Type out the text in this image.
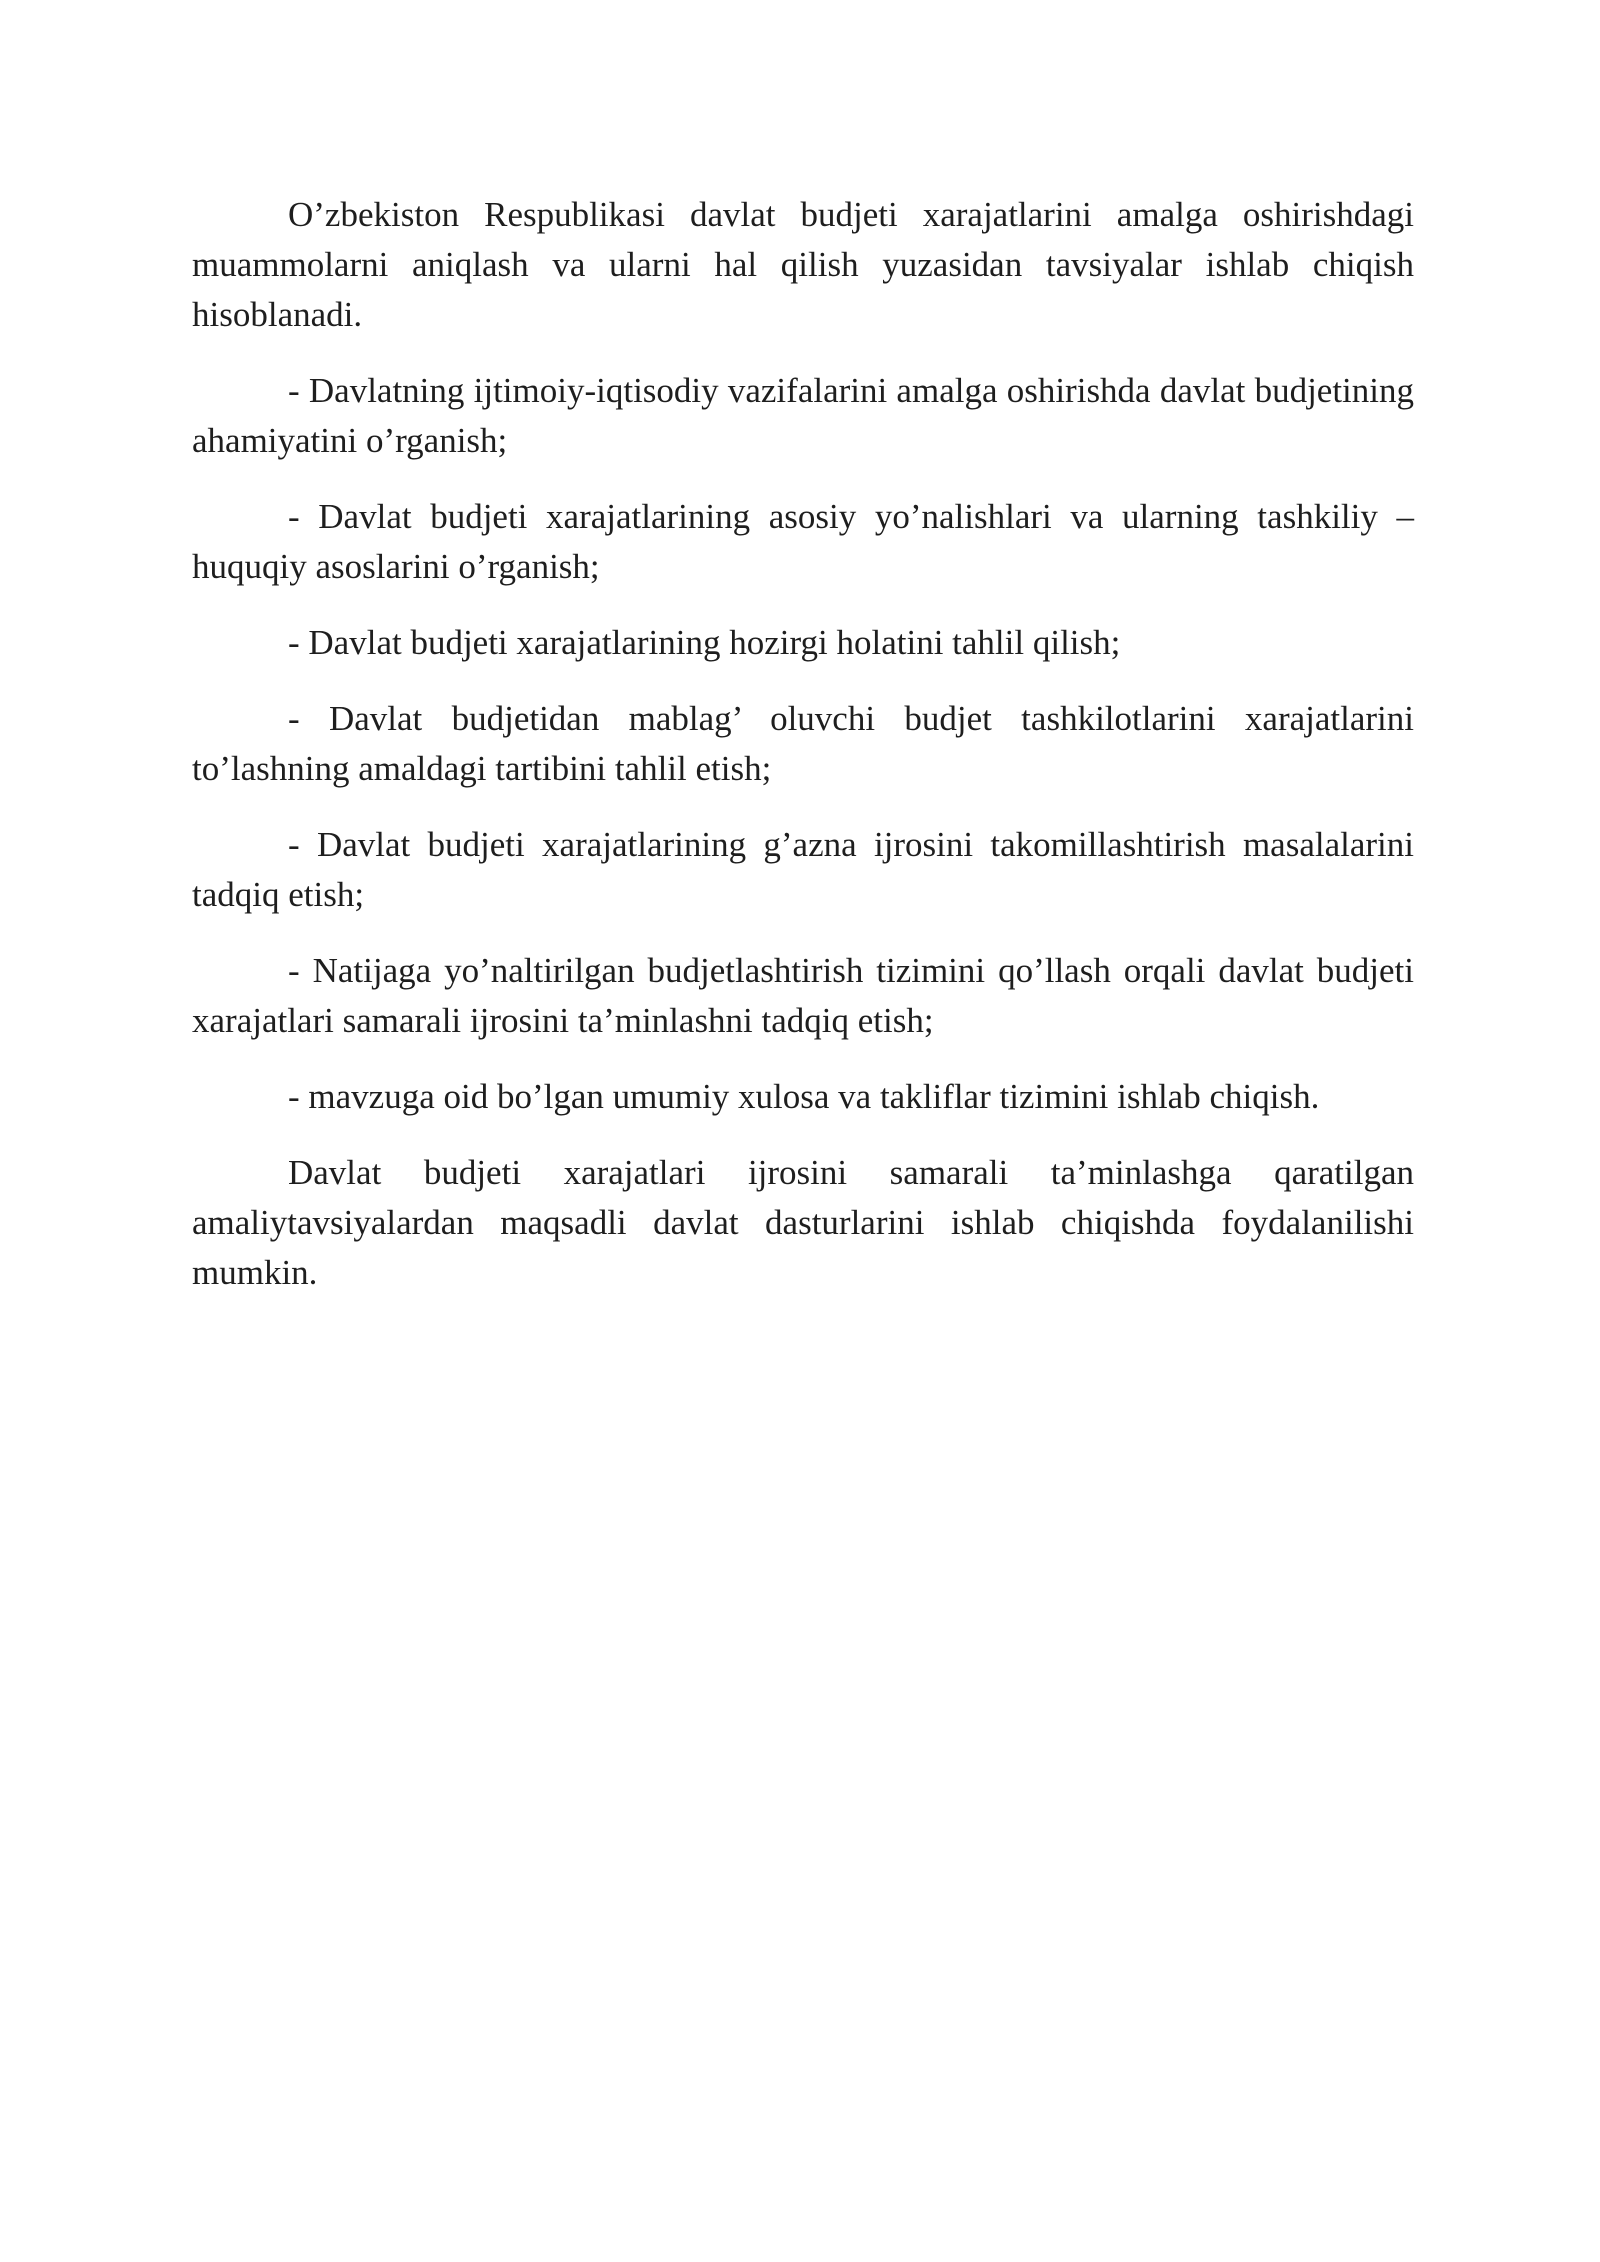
O’zbekiston Respublikasi davlat budjeti xarajatlarini amalga oshirishdagi muammolarni aniqlash va ularni hal qilish yuzasidan tavsiyalar ishlab chiqish hisoblanadi.

- Davlatning ijtimoiy-iqtisodiy vazifalarini amalga oshirishda davlat budjetining ahamiyatini o’rganish;

- Davlat budjeti xarajatlarining asosiy yo’nalishlari va ularning tashkiliy – huquqiy asoslarini o’rganish;

- Davlat budjeti xarajatlarining hozirgi holatini tahlil qilish;

- Davlat budjetidan mablag’ oluvchi budjet tashkilotlarini xarajatlarini to’lashning amaldagi tartibini tahlil etish;

- Davlat budjeti xarajatlarining g’azna ijrosini takomillashtirish masalalarini tadqiq etish;

- Natijaga yo’naltirilgan budjetlashtirish tizimini qo’llash orqali davlat budjeti xarajatlari samarali ijrosini ta’minlashni tadqiq etish;

- mavzuga oid bo’lgan umumiy xulosa va takliflar tizimini ishlab chiqish.

Davlat budjeti xarajatlari ijrosini samarali ta’minlashga qaratilgan amaliytavsiyalardan maqsadli davlat dasturlarini ishlab chiqishda foydalanilishi mumkin.
